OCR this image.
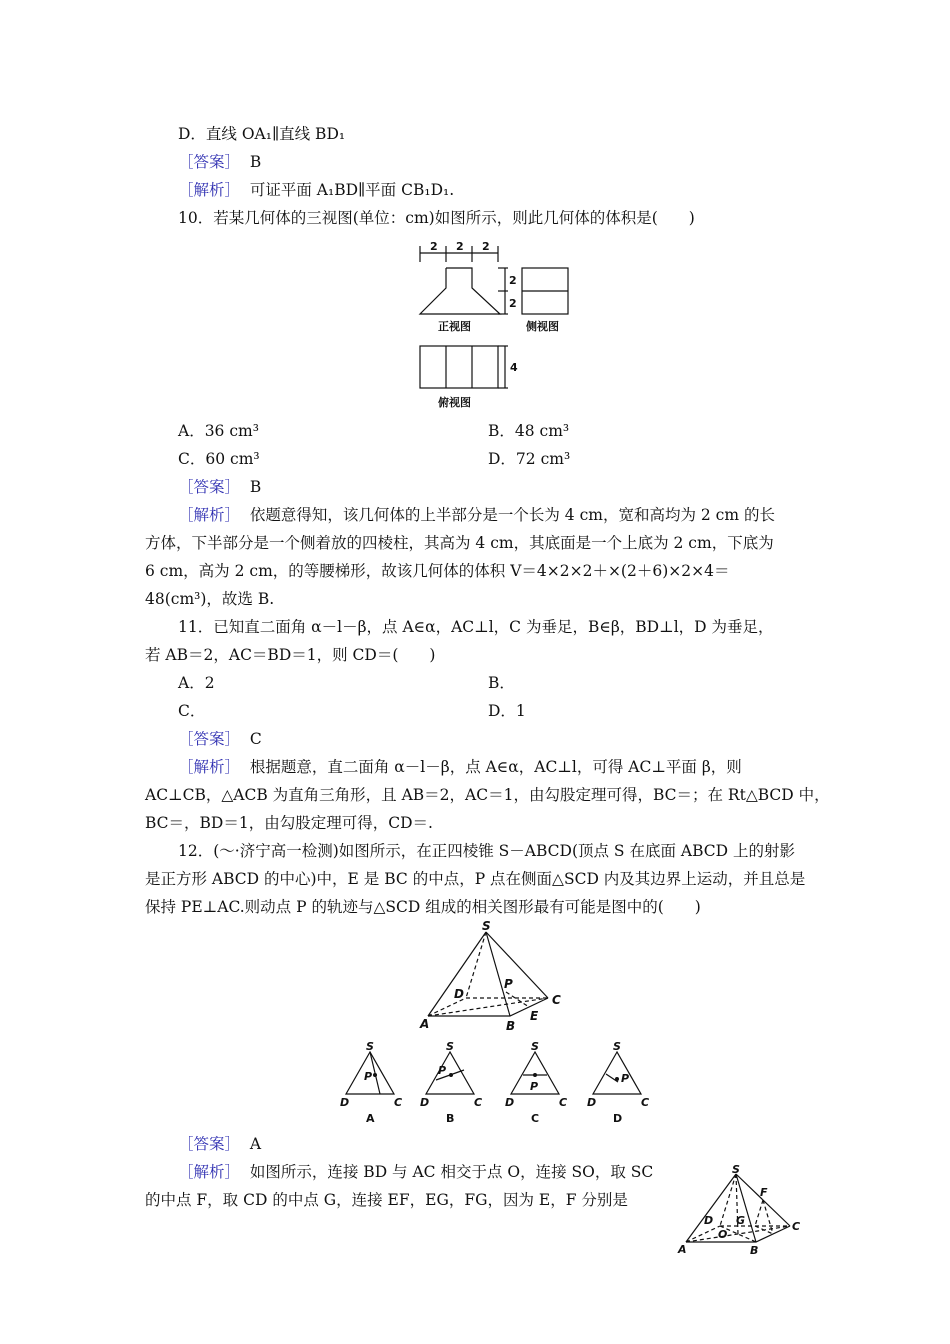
D．直线 OA₁∥直线 BD₁
［答案］ B
［解析］ 可证平面 A₁BD∥平面 CB₁D₁.
10．若某几何体的三视图(单位：cm)如图所示，则此几何体的体积是(　　)
2 2 2
2
2
4
正视图	侧视图
俯视图
A．36 cm³	B．48 cm³
C．60 cm³	D．72 cm³
［答案］ B
［解析］ 依题意得知，该几何体的上半部分是一个长为 4 cm，宽和高均为 2 cm 的长
方体，下半部分是一个侧着放的四棱柱，其高为 4 cm，其底面是一个上底为 2 cm，下底为
6 cm，高为 2 cm，的等腰梯形，故该几何体的体积 V＝4×2×2＋×(2＋6)×2×4＝
48(cm³)，故选 B.
11．已知直二面角 α－l－β，点 A∈α，AC⊥l，C 为垂足，B∈β，BD⊥l，D 为垂足，
若 AB＝2，AC＝BD＝1，则 CD＝(　　)
A．2	B．
C．	D．1
［答案］ C
［解析］ 根据题意，直二面角 α－l－β，点 A∈α，AC⊥l，可得 AC⊥平面 β，则
AC⊥CB，△ACB 为直角三角形，且 AB＝2，AC＝1，由勾股定理可得，BC＝；在 Rt△BCD 中，
BC＝，BD＝1，由勾股定理可得，CD＝.
12．(～·济宁高一检测)如图所示，在正四棱锥 S－ABCD(顶点 S 在底面 ABCD 上的射影
是正方形 ABCD 的中心)中，E 是 BC 的中点，P 点在侧面△SCD 内及其边界上运动，并且总是
保持 PE⊥AC.则动点 P 的轨迹与△SCD 组成的相关图形最有可能是图中的(　　)
S
A	B
C
D
E
P
S	S	S	S
P	P
P
P
D	C D	C D	C D	C
A	B	C	D
［答案］ A
［解析］ 如图所示，连接 BD 与 AC 相交于点 O，连接 SO，取 SC
的中点 F，取 CD 的中点 G，连接 EF，EG，FG，因为 E，F 分别是
S
F
D G
O
C
A	B
